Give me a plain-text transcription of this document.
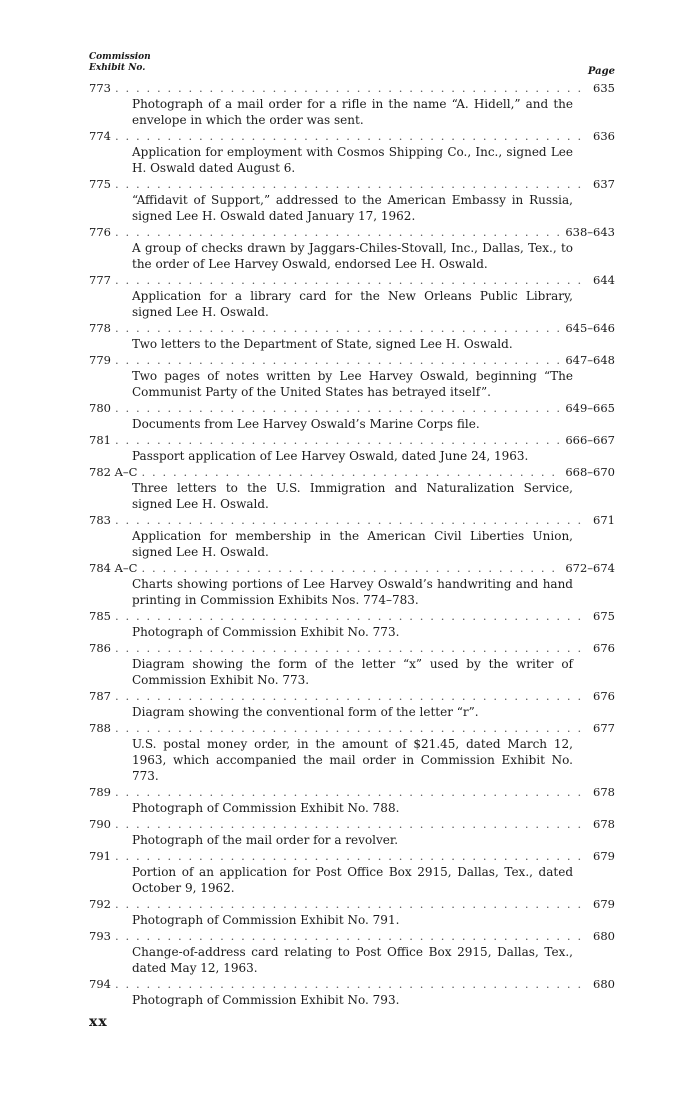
Commission
Exhibit No.	Page
773 . . .	635
Photograph of a mail order for a rifle in the name “A. Hidell,” and the envelope in which the order was sent.
774 . . .	636
Application for employment with Cosmos Shipping Co., Inc., signed Lee H. Oswald dated August 6.
775 . . .	637
“Affidavit of Support,” addressed to the American Embassy in Russia, signed Lee H. Oswald dated January 17, 1962.
776 . . .	638–643
A group of checks drawn by Jaggars-Chiles-Stovall, Inc., Dallas, Tex., to the order of Lee Harvey Oswald, endorsed Lee H. Oswald.
777 . . .	644
Application for a library card for the New Orleans Public Library, signed Lee H. Oswald.
778 . . .	645–646
Two letters to the Department of State, signed Lee H. Oswald.
779 . . .	647–648
Two pages of notes written by Lee Harvey Oswald, beginning “The Communist Party of the United States has betrayed itself”.
780 . . .	649–665
Documents from Lee Harvey Oswald’s Marine Corps file.
781 . . .	666–667
Passport application of Lee Harvey Oswald, dated June 24, 1963.
782 A–C . . .	668–670
Three letters to the U.S. Immigration and Naturalization Service, signed Lee H. Oswald.
783 . . .	671
Application for membership in the American Civil Liberties Union, signed Lee H. Oswald.
784 A–C . . .	672–674
Charts showing portions of Lee Harvey Oswald’s handwriting and hand printing in Commission Exhibits Nos. 774–783.
785 . . .	675
Photograph of Commission Exhibit No. 773.
786 . . .	676
Diagram showing the form of the letter “x” used by the writer of Commission Exhibit No. 773.
787 . . .	676
Diagram showing the conventional form of the letter “r”.
788 . . .	677
U.S. postal money order, in the amount of $21.45, dated March 12, 1963, which accompanied the mail order in Commission Exhibit No. 773.
789 . . .	678
Photograph of Commission Exhibit No. 788.
790 . . .	678
Photograph of the mail order for a revolver.
791 . . .	679
Portion of an application for Post Office Box 2915, Dallas, Tex., dated October 9, 1962.
792 . . .	679
Photograph of Commission Exhibit No. 791.
793 . . .	680
Change-of-address card relating to Post Office Box 2915, Dallas, Tex., dated May 12, 1963.
794 . . .	680
Photograph of Commission Exhibit No. 793.
xx
